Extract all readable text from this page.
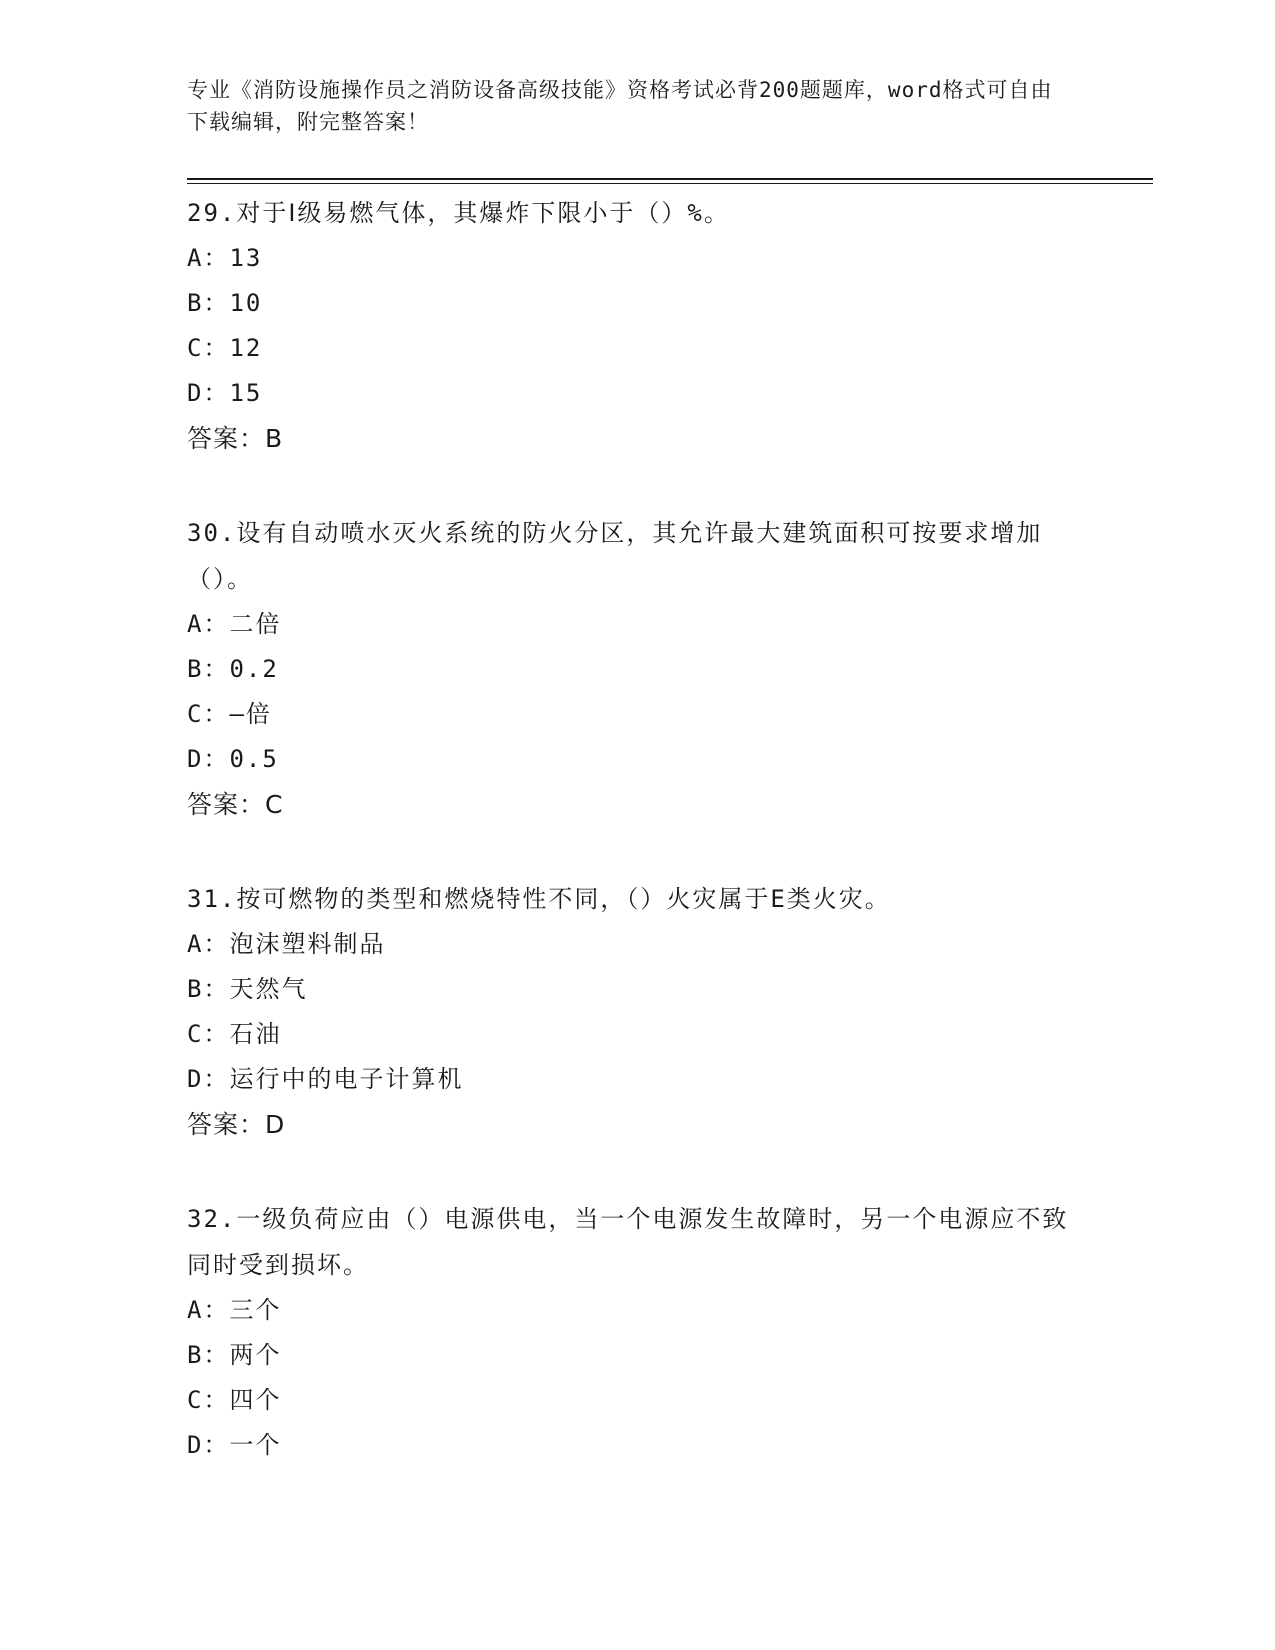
专业《消防设施操作员之消防设备高级技能》资格考试必背200题题库，word格式可自由下载编辑，附完整答案！
29.对于Ⅰ级易燃气体，其爆炸下限小于（）%。
A：13
B：10
C：12
D：15
答案：B
30.设有自动喷水灭火系统的防火分区，其允许最大建筑面积可按要求增加（）。
A：二倍
B：0.2
C：—倍
D：0.5
答案：C
31.按可燃物的类型和燃烧特性不同，（）火灾属于E类火灾。
A：泡沫塑料制品
B：天然气
C：石油
D：运行中的电子计算机
答案：D
32.一级负荷应由（）电源供电，当一个电源发生故障时，另一个电源应不致同时受到损坏。
A：三个
B：两个
C：四个
D：一个
